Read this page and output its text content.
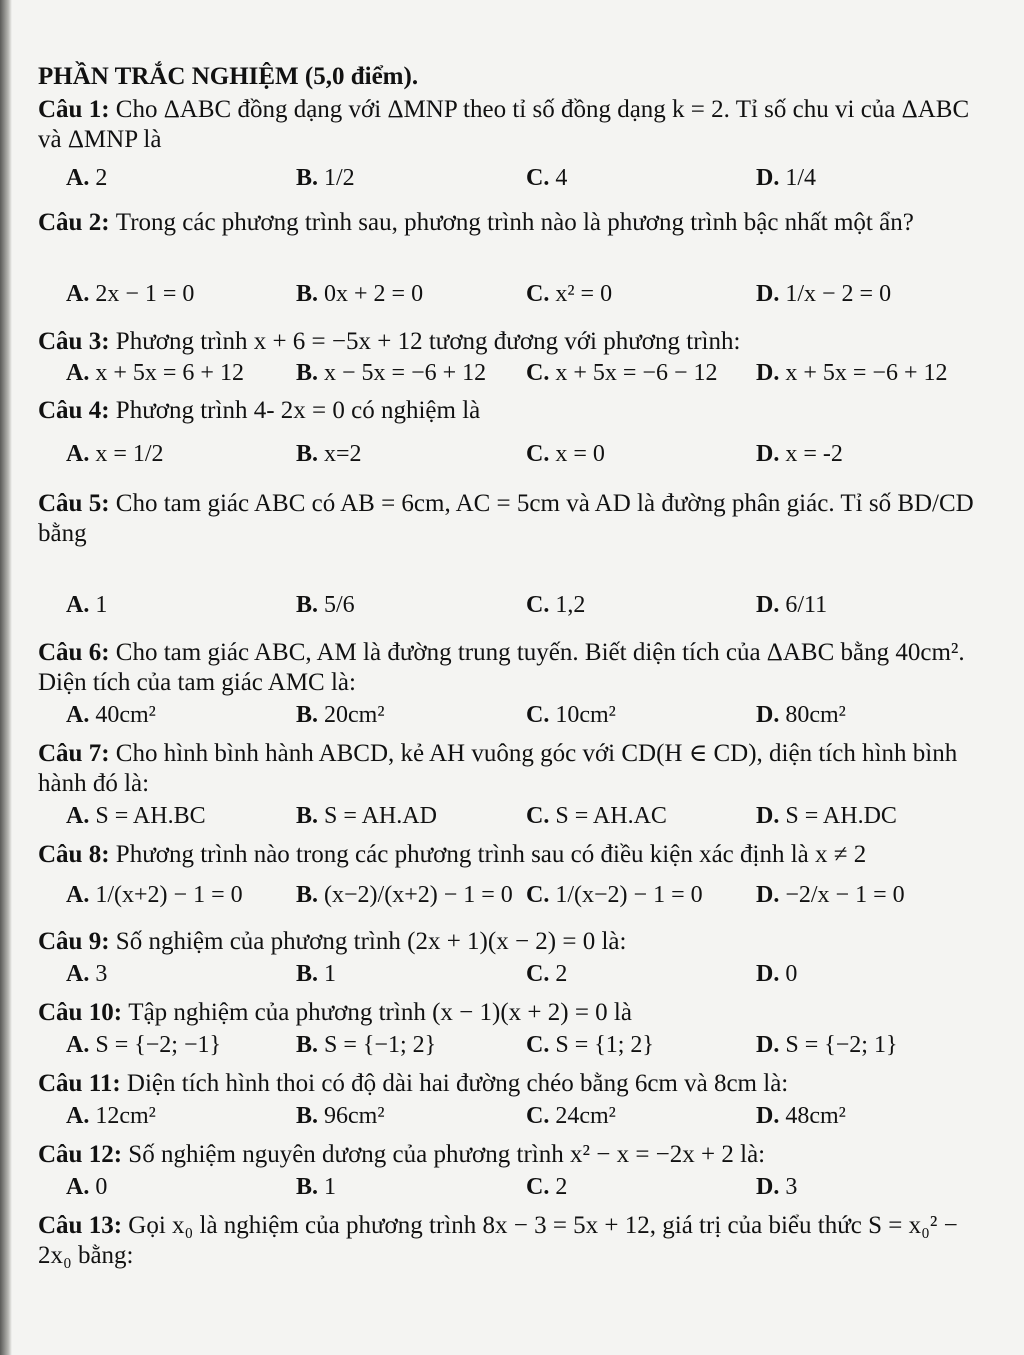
PHẦN TRẮC NGHIỆM (5,0 điểm).
Câu 1: Cho ΔABC đồng dạng với ΔMNP theo tỉ số đồng dạng k = 2. Tỉ số chu vi của ΔABC và ΔMNP là
A. 2	B. 1/2	C. 4	D. 1/4
Câu 2: Trong các phương trình sau, phương trình nào là phương trình bậc nhất một ẩn?
A. 2x − 1 = 0	B. 0x + 2 = 0	C. x² = 0	D. 1/x − 2 = 0
Câu 3: Phương trình x + 6 = −5x + 12 tương đương với phương trình:
A. x + 5x = 6 + 12 B. x − 5x = −6 + 12 C. x + 5x = −6 − 12 D. x + 5x = −6 + 12
Câu 4: Phương trình 4- 2x = 0 có nghiệm là
A. x = 1/2	B. x=2	C. x = 0	D. x = -2
Câu 5: Cho tam giác ABC có AB = 6cm, AC = 5cm và AD là đường phân giác. Tỉ số BD/CD bằng
A. 1	B. 5/6	C. 1,2	D. 6/11
Câu 6: Cho tam giác ABC, AM là đường trung tuyến. Biết diện tích của ΔABC bằng 40cm². Diện tích của tam giác AMC là:
A. 40cm²	B. 20cm²	C. 10cm²	D. 80cm²
Câu 7: Cho hình bình hành ABCD, kẻ AH vuông góc với CD(H ∈ CD), diện tích hình bình hành đó là:
A. S = AH.BC	B. S = AH.AD	C. S = AH.AC	D. S = AH.DC
Câu 8: Phương trình nào trong các phương trình sau có điều kiện xác định là x ≠ 2
A. 1/(x+2) − 1 = 0 B. (x−2)/(x+2) − 1 = 0 C. 1/(x−2) − 1 = 0 D. −2/x − 1 = 0
Câu 9: Số nghiệm của phương trình (2x + 1)(x − 2) = 0 là:
A. 3	B. 1	C. 2	D. 0
Câu 10: Tập nghiệm của phương trình (x − 1)(x + 2) = 0 là
A. S = {−2; −1}	B. S = {−1; 2}	C. S = {1; 2}	D. S = {−2; 1}
Câu 11: Diện tích hình thoi có độ dài hai đường chéo bằng 6cm và 8cm là:
A. 12cm²	B. 96cm²	C. 24cm²	D. 48cm²
Câu 12: Số nghiệm nguyên dương của phương trình x² − x = −2x + 2 là:
A. 0	B. 1	C. 2	D. 3
Câu 13: Gọi x₀ là nghiệm của phương trình 8x − 3 = 5x + 12, giá trị của biểu thức S = x₀² − 2x₀ bằng:
